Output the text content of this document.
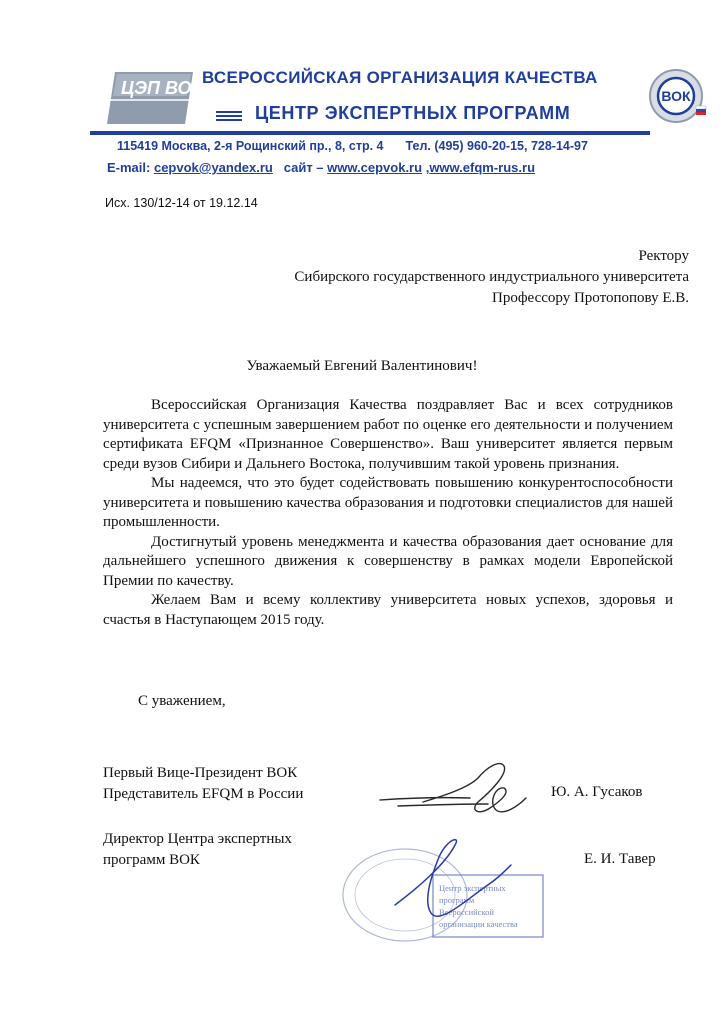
ЦЭП ВОК
ВСЕРОССИЙСКАЯ ОРГАНИЗАЦИЯ КАЧЕСТВА
ЦЕНТР ЭКСПЕРТНЫХ ПРОГРАММ
ВОК
115419 Москва, 2-я Рощинский пр., 8, стр. 4 Тел. (495) 960-20-15, 728-14-97
E-mail: cepvok@yandex.ru сайт – www.cepvok.ru ,www.efqm-rus.ru
Исх. 130/12-14 от 19.12.14
Ректору
Сибирского государственного индустриального университета
Профессору Протопопову Е.В.
Уважаемый Евгений Валентинович!

Всероссийская Организация Качества поздравляет Вас и всех сотрудников университета с успешным завершением работ по оценке его деятельности и получением сертификата EFQM «Признанное Совершенство». Ваш университет является первым среди вузов Сибири и Дальнего Востока, получившим такой уровень признания.

Мы надеемся, что это будет содействовать повышению конкурентоспособности университета и повышению качества образования и подготовки специалистов для нашей промышленности.

Достигнутый уровень менеджмента и качества образования дает основание для дальнейшего успешного движения к совершенству в рамках модели Европейской Премии по качеству.

Желаем Вам и всему коллективу университета новых успехов, здоровья и счастья в Наступающем 2015 году.

С уважением,
Первый Вице-Президент ВОК
Представитель EFQM в России	Ю. А. Гусаков
Директор Центра экспертных
программ ВОК	Е. И. Тавер
Центр экспертных
программ
Всероссийской
организации качества
